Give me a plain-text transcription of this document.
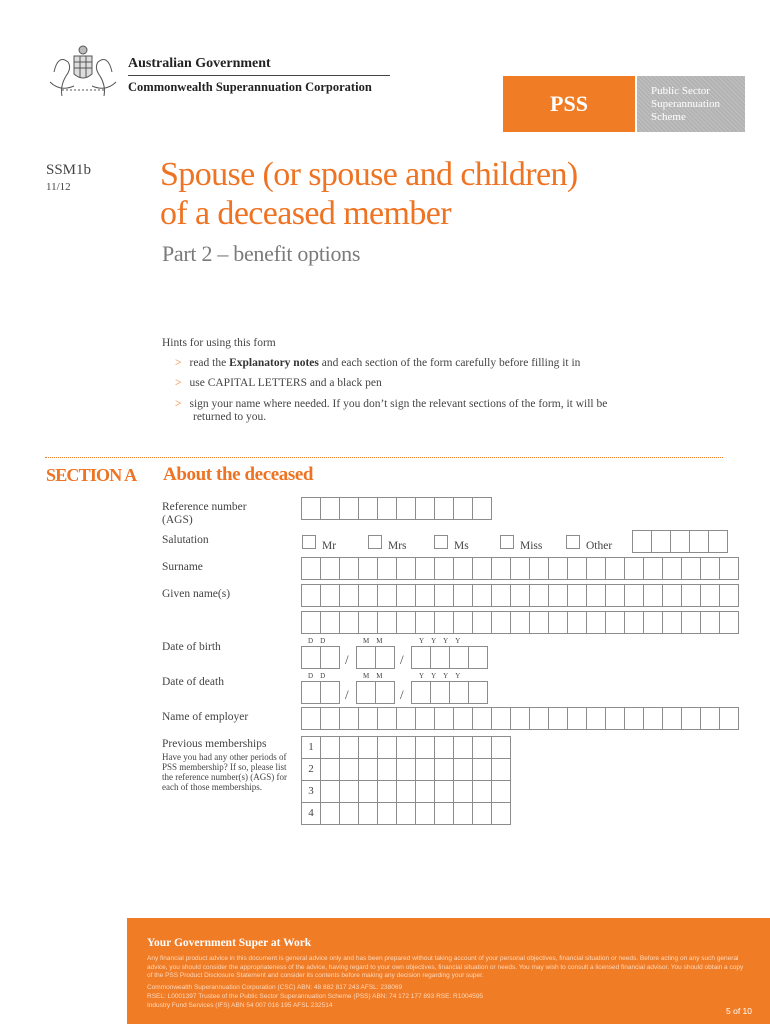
Australian Government
Commonwealth Superannuation Corporation
PSS	Public Sector
Superannuation
Scheme
SSM1b
11/12	Spouse (or spouse and children)
of a deceased member
Part 2 – benefit options
Hints for using this form
> read the Explanatory notes and each section of the form carefully before filling it in
> use CAPITAL LETTERS and a black pen
> sign your name where needed. If you don’t sign the relevant sections of the form, it will be
returned to you.
SECTION A About the deceased
Reference number
(AGS)
Salutation	Mr	Mrs	Ms	Miss	Other
Surname
Given name(s)
Date of birth	D D	M M	Y Y Y Y
/	/
Date of death	D D	M M	Y Y Y Y
/	/
Name of employer
Previous memberships
Have you had any other periods of PSS membership? If so, please list the reference number(s) (AGS) for each of those memberships.
1
2
3
4
Your Government Super at Work
Any financial product advice in this document is general advice only and has been prepared without taking account of your personal objectives, financial situation or needs. Before acting on any such general advice, you should consider the appropriateness of the advice, having regard to your own objectives, financial situation or needs. You may wish to consult a licensed financial advisor. You should obtain a copy of the PSS Product Disclosure Statement and consider its contents before making any decision regarding your super.
Commonwealth Superannuation Corporation (CSC) ABN: 48 882 817 243 AFSL: 238069
RSEL: L0001397 Trustee of the Public Sector Superannuation Scheme (PSS) ABN: 74 172 177 893 RSE: R1004595
Industry Fund Services (IFS) ABN 54 007 016 195 AFSL 232514
5 of 10
